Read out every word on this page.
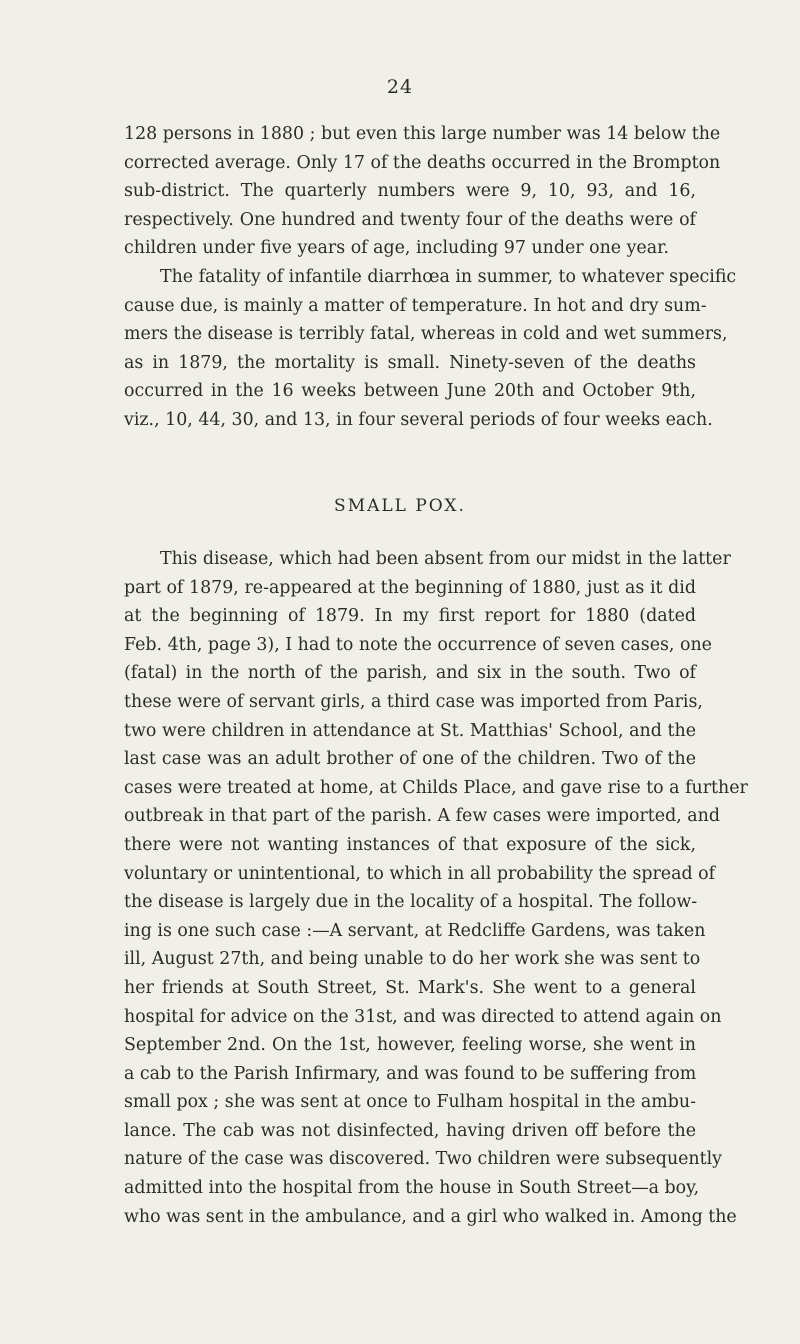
24
128 persons in 1880 ; but even this large number was 14 below the
corrected average. Only 17 of the deaths occurred in the Brompton
sub-district. The quarterly numbers were 9, 10, 93, and 16,
respectively. One hundred and twenty four of the deaths were of
children under five years of age, including 97 under one year.
The fatality of infantile diarrhœa in summer, to whatever specific
cause due, is mainly a matter of temperature. In hot and dry sum-
mers the disease is terribly fatal, whereas in cold and wet summers,
as in 1879, the mortality is small. Ninety-seven of the deaths
occurred in the 16 weeks between June 20th and October 9th,
viz., 10, 44, 30, and 13, in four several periods of four weeks each.
SMALL POX.
This disease, which had been absent from our midst in the latter
part of 1879, re-appeared at the beginning of 1880, just as it did
at the beginning of 1879. In my first report for 1880 (dated
Feb. 4th, page 3), I had to note the occurrence of seven cases, one
(fatal) in the north of the parish, and six in the south. Two of
these were of servant girls, a third case was imported from Paris,
two were children in attendance at St. Matthias' School, and the
last case was an adult brother of one of the children. Two of the
cases were treated at home, at Childs Place, and gave rise to a further
outbreak in that part of the parish. A few cases were imported, and
there were not wanting instances of that exposure of the sick,
voluntary or unintentional, to which in all probability the spread of
the disease is largely due in the locality of a hospital. The follow-
ing is one such case :—A servant, at Redcliffe Gardens, was taken
ill, August 27th, and being unable to do her work she was sent to
her friends at South Street, St. Mark's. She went to a general
hospital for advice on the 31st, and was directed to attend again on
September 2nd. On the 1st, however, feeling worse, she went in
a cab to the Parish Infirmary, and was found to be suffering from
small pox ; she was sent at once to Fulham hospital in the ambu-
lance. The cab was not disinfected, having driven off before the
nature of the case was discovered. Two children were subsequently
admitted into the hospital from the house in South Street—a boy,
who was sent in the ambulance, and a girl who walked in. Among the
